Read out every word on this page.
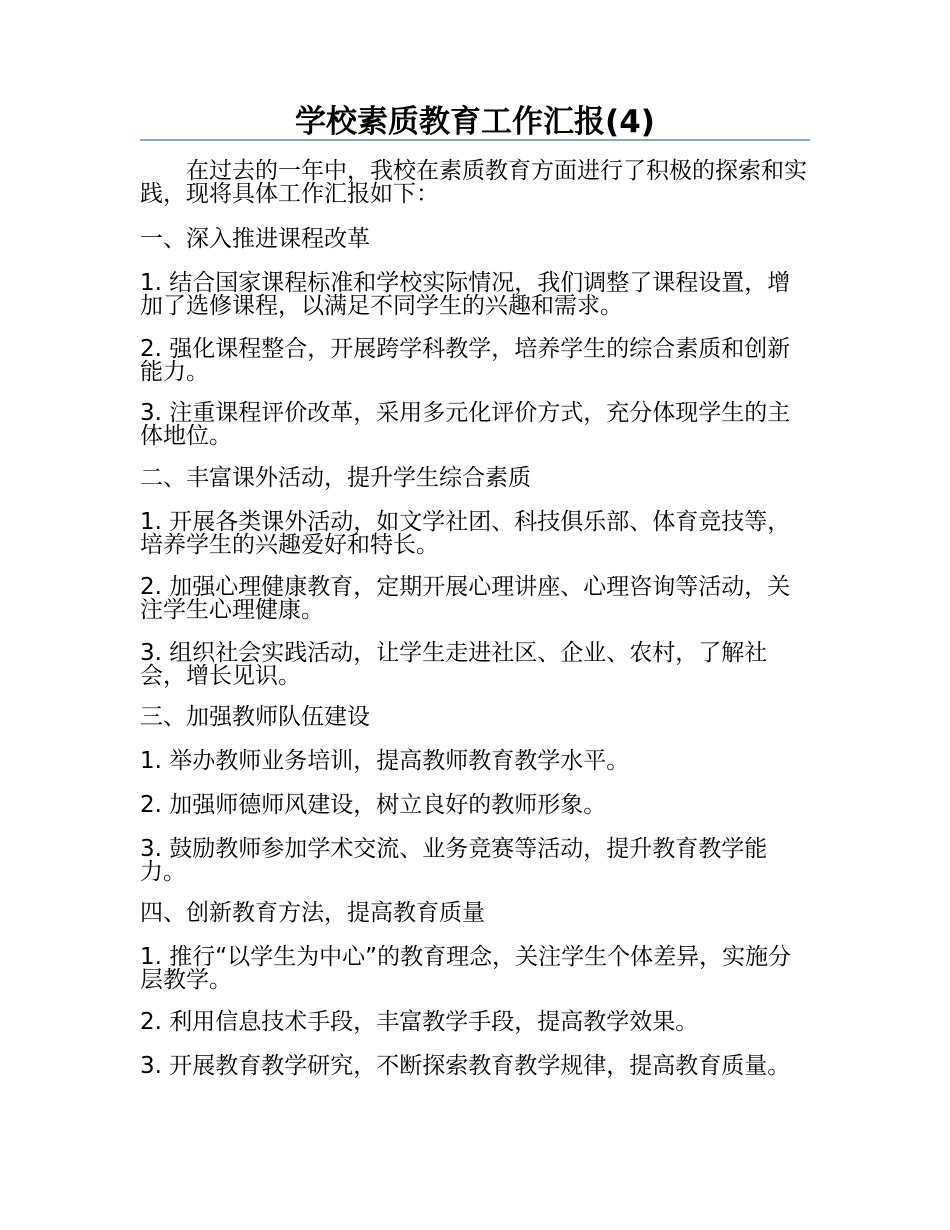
学校素质教育工作汇报(4)

在过去的一年中，我校在素质教育方面进行了积极的探索和实践，现将具体工作汇报如下：

一、深入推进课程改革

1. 结合国家课程标准和学校实际情况，我们调整了课程设置，增加了选修课程，以满足不同学生的兴趣和需求。

2. 强化课程整合，开展跨学科教学，培养学生的综合素质和创新能力。

3. 注重课程评价改革，采用多元化评价方式，充分体现学生的主体地位。

二、丰富课外活动，提升学生综合素质

1. 开展各类课外活动，如文学社团、科技俱乐部、体育竞技等，培养学生的兴趣爱好和特长。

2. 加强心理健康教育，定期开展心理讲座、心理咨询等活动，关注学生心理健康。

3. 组织社会实践活动，让学生走进社区、企业、农村，了解社会，增长见识。

三、加强教师队伍建设

1. 举办教师业务培训，提高教师教育教学水平。

2. 加强师德师风建设，树立良好的教师形象。

3. 鼓励教师参加学术交流、业务竞赛等活动，提升教育教学能力。

四、创新教育方法，提高教育质量

1. 推行“以学生为中心”的教育理念，关注学生个体差异，实施分层教学。

2. 利用信息技术手段，丰富教学手段，提高教学效果。

3. 开展教育教学研究，不断探索教育教学规律，提高教育质量。
